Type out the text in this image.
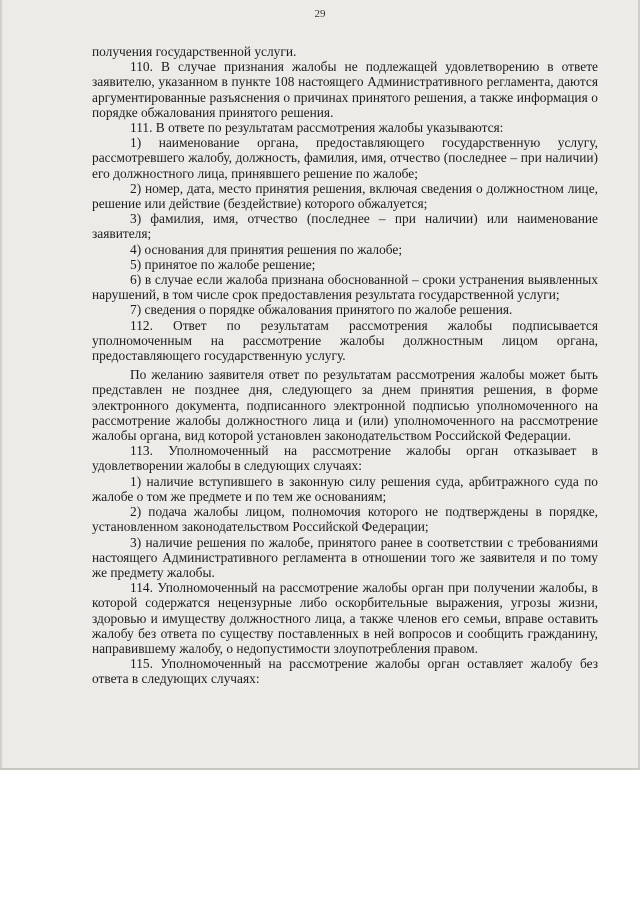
29

получения государственной услуги.

110. В случае признания жалобы не подлежащей удовлетворению в ответе заявителю, указанном в пункте 108 настоящего Административного регламента, даются аргументированные разъяснения о причинах принятого решения, а также информация о порядке обжалования принятого решения.

111. В ответе по результатам рассмотрения жалобы указываются:

1) наименование органа, предоставляющего государственную услугу, рассмотревшего жалобу, должность, фамилия, имя, отчество (последнее – при наличии) его должностного лица, принявшего решение по жалобе;

2) номер, дата, место принятия решения, включая сведения о должностном лице, решение или действие (бездействие) которого обжалуется;

3) фамилия, имя, отчество (последнее – при наличии) или наименование заявителя;

4) основания для принятия решения по жалобе;

5) принятое по жалобе решение;

6) в случае если жалоба признана обоснованной – сроки устранения выявленных нарушений, в том числе срок предоставления результата государственной услуги;

7) сведения о порядке обжалования принятого по жалобе решения.

112. Ответ по результатам рассмотрения жалобы подписывается уполномоченным на рассмотрение жалобы должностным лицом органа, предоставляющего государственную услугу.

По желанию заявителя ответ по результатам рассмотрения жалобы может быть представлен не позднее дня, следующего за днем принятия решения, в форме электронного документа, подписанного электронной подписью уполномоченного на рассмотрение жалобы должностного лица и (или) уполномоченного на рассмотрение жалобы органа, вид которой установлен законодательством Российской Федерации.

113. Уполномоченный на рассмотрение жалобы орган отказывает в удовлетворении жалобы в следующих случаях:

1) наличие вступившего в законную силу решения суда, арбитражного суда по жалобе о том же предмете и по тем же основаниям;

2) подача жалобы лицом, полномочия которого не подтверждены в порядке, установленном законодательством Российской Федерации;

3) наличие решения по жалобе, принятого ранее в соответствии с требованиями настоящего Административного регламента в отношении того же заявителя и по тому же предмету жалобы.

114. Уполномоченный на рассмотрение жалобы орган при получении жалобы, в которой содержатся нецензурные либо оскорбительные выражения, угрозы жизни, здоровью и имуществу должностного лица, а также членов его семьи, вправе оставить жалобу без ответа по существу поставленных в ней вопросов и сообщить гражданину, направившему жалобу, о недопустимости злоупотребления правом.

115. Уполномоченный на рассмотрение жалобы орган оставляет жалобу без ответа в следующих случаях:
